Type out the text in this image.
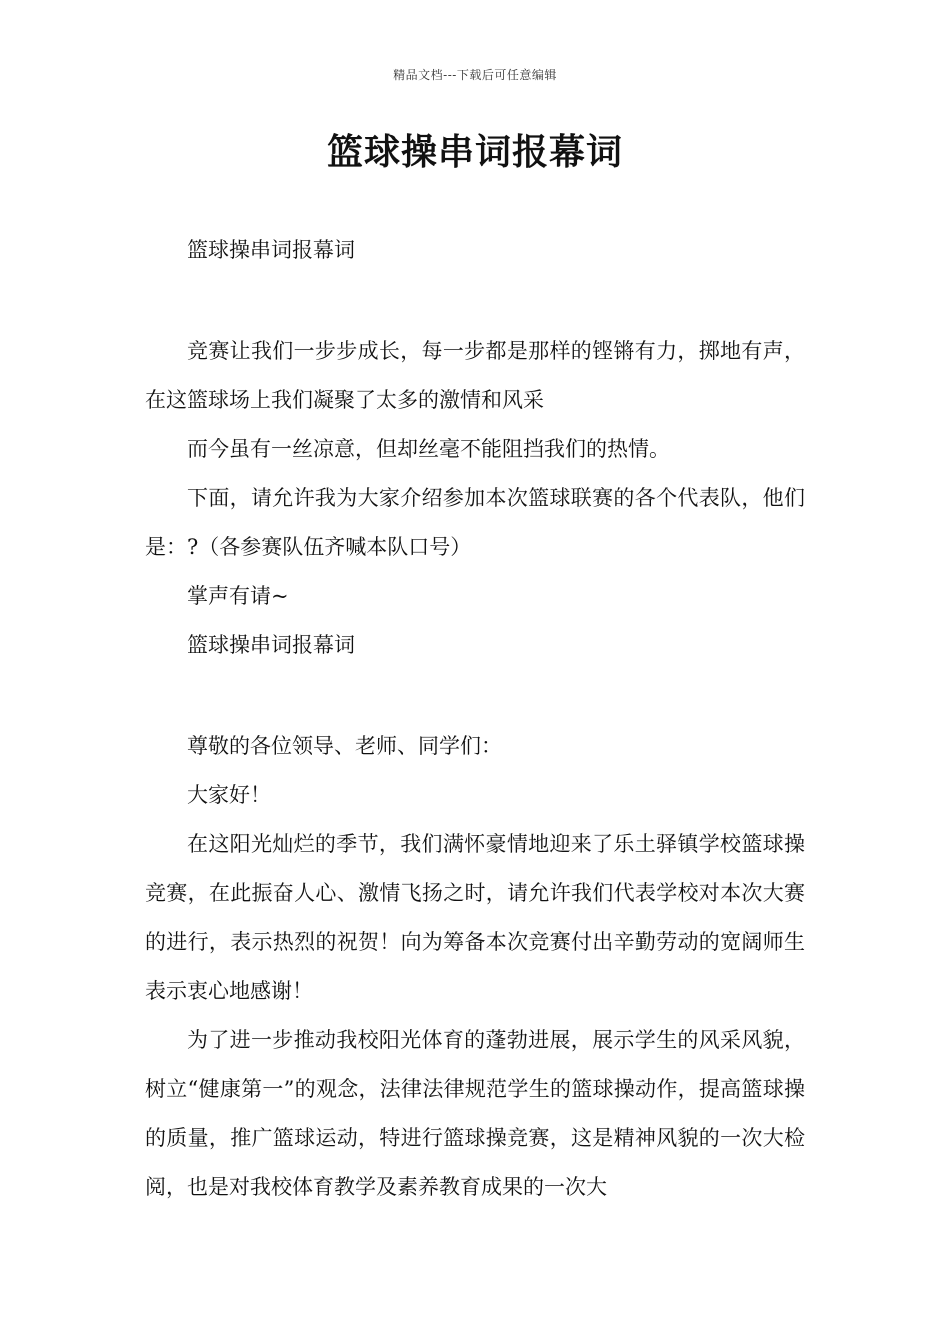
精品文档---下载后可任意编辑
篮球操串词报幕词

篮球操串词报幕词

竞赛让我们一步步成长，每一步都是那样的铿锵有力，掷地有声，在这篮球场上我们凝聚了太多的激情和风采

而今虽有一丝凉意，但却丝毫不能阻挡我们的热情。

下面，请允许我为大家介绍参加本次篮球联赛的各个代表队，他们是：?（各参赛队伍齐喊本队口号）

掌声有请~

篮球操串词报幕词

尊敬的各位领导、老师、同学们：

大家好！

在这阳光灿烂的季节，我们满怀豪情地迎来了乐土驿镇学校篮球操竞赛，在此振奋人心、激情飞扬之时，请允许我们代表学校对本次大赛的进行，表示热烈的祝贺！向为筹备本次竞赛付出辛勤劳动的宽阔师生表示衷心地感谢！

为了进一步推动我校阳光体育的蓬勃进展，展示学生的风采风貌，树立“健康第一”的观念，法律法律规范学生的篮球操动作，提高篮球操的质量，推广篮球运动，特进行篮球操竞赛，这是精神风貌的一次大检阅，也是对我校体育教学及素养教育成果的一次大
